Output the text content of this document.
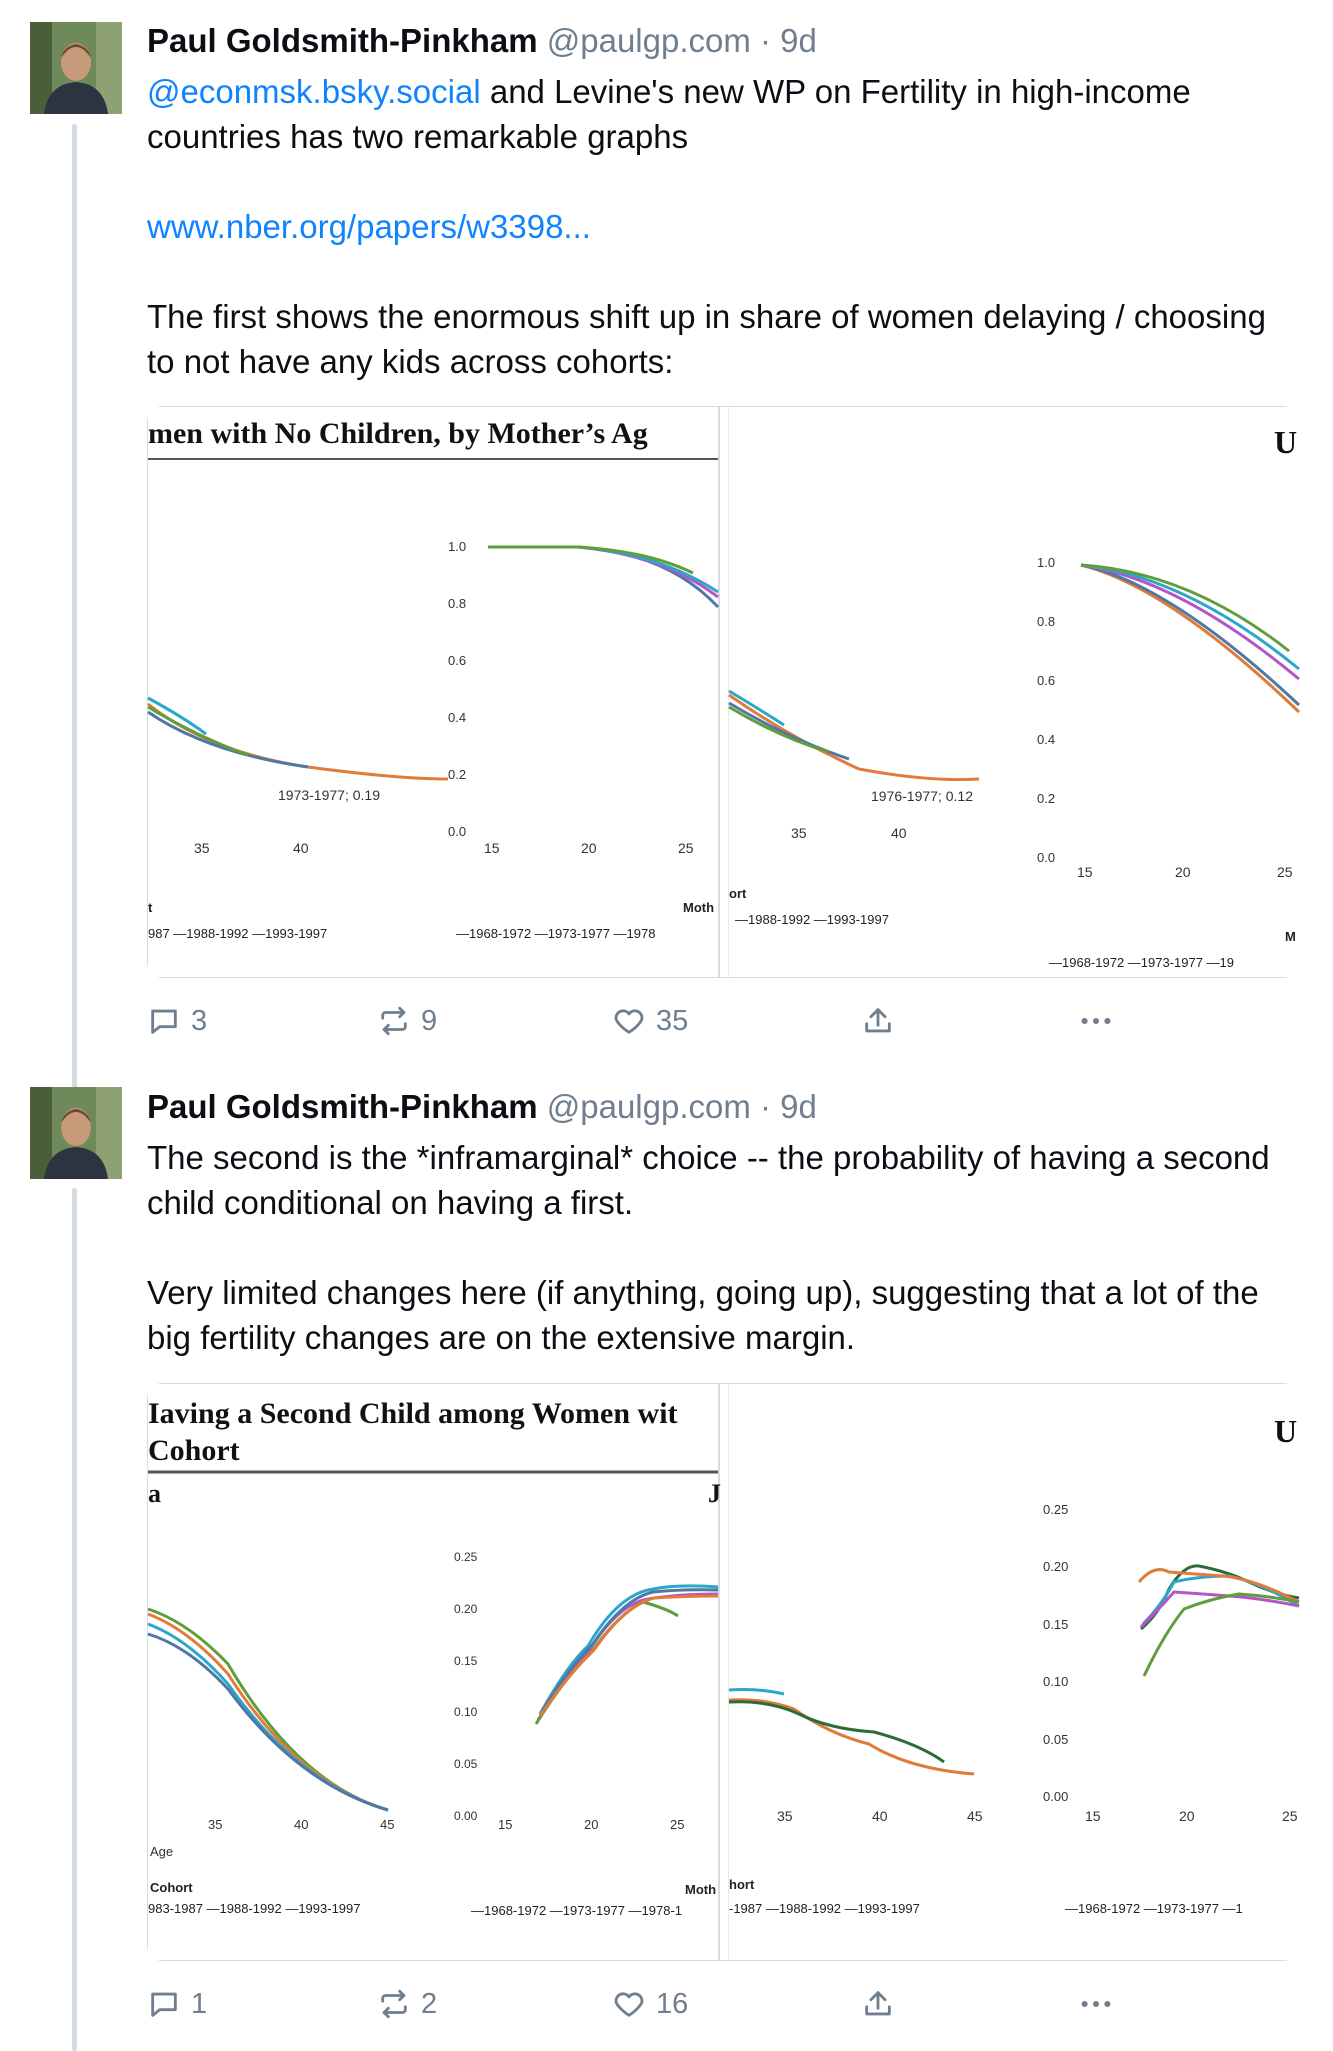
Paul Goldsmith-Pinkham @paulgp.com · 9d

@econmsk.bsky.social and Levine's new WP on Fertility in high-income countries has two remarkable graphs

www.nber.org/papers/w3398...

The first shows the enormous shift up in share of women delaying / choosing to not have any kids across cohorts:

men with No Children, by Mother’s Ag
1973-1977; 0.19
35	40
t
987 —1988-1992 —1993-1997
1.0
0.8
0.6
0.4
0.2
0.0
15	20	25
Moth
—1968-1972 —1973-1977 —1978
U
1976-1977; 0.12
35	40
ort
—1988-1992 —1993-1997
1.0
0.8
0.6
0.4
0.2
0.0
15	20	25
M
—1968-1972 —1973-1977 —19
3	9	35
Paul Goldsmith-Pinkham @paulgp.com · 9d

The second is the *inframarginal* choice -- the probability of having a second child conditional on having a first.

Very limited changes here (if anything, going up), suggesting that a lot of the big fertility changes are on the extensive margin.

Iaving a Second Child among Women wit
Cohort
a	J
35	40	45
Age
Cohort
983-1987 —1988-1992 —1993-1997
0.25
0.20
0.15
0.10
0.05
0.00
15	20	25
Moth
—1968-1972 —1973-1977 —1978-1
U
35	40	45
hort
-1987 —1988-1992 —1993-1997
0.25
0.20
0.15
0.10
0.05
0.00
15	20	25
—1968-1972 —1973-1977 —1
1	2	16
